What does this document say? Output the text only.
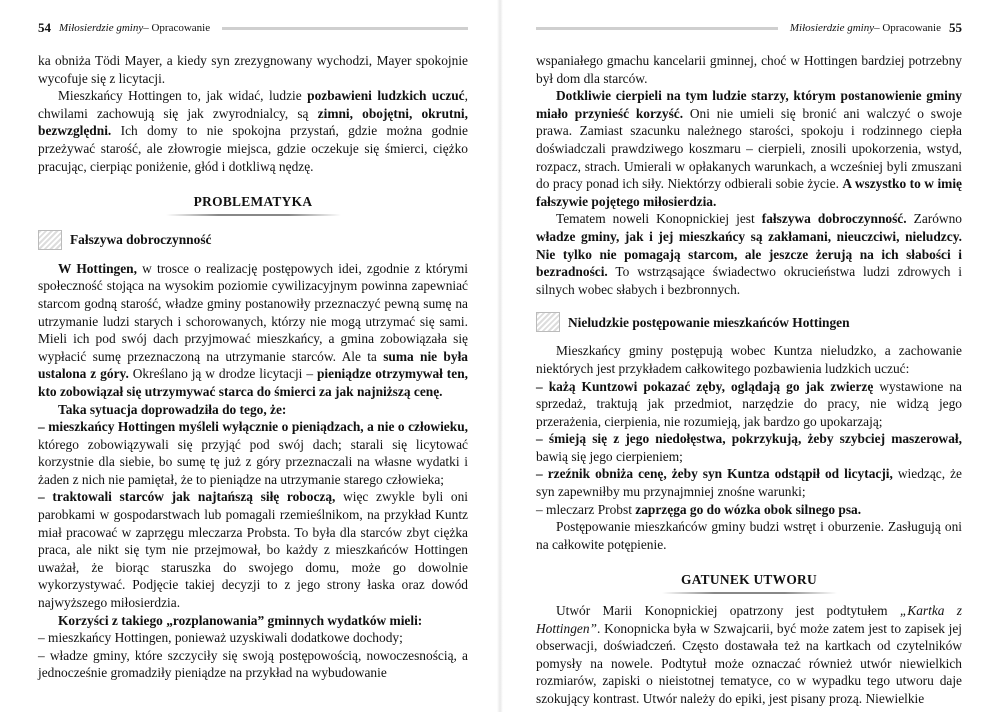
54 Miłosierdzie gminy – Opracowanie

ka obniża Tödi Mayer, a kiedy syn zrezygnowany wychodzi, Mayer spokojnie wycofuje się z licytacji.

Mieszkańcy Hottingen to, jak widać, ludzie pozbawieni ludzkich uczuć, chwilami zachowują się jak zwyrodnialcy, są zimni, obojętni, okrutni, bezwzględni. Ich domy to nie spokojna przystań, gdzie można godnie przeżywać starość, ale złowrogie miejsca, gdzie oczekuje się śmierci, ciężko pracując, cierpiąc poniżenie, głód i dotkliwą nędzę.

PROBLEMATYKA
Fałszywa dobroczynność

W Hottingen, w trosce o realizację postępowych idei, zgodnie z którymi społeczność stojąca na wysokim poziomie cywilizacyjnym powinna zapewniać starcom godną starość, władze gminy postanowiły przeznaczyć pewną sumę na utrzymanie ludzi starych i schorowanych, którzy nie mogą utrzymać się sami. Mieli ich pod swój dach przyjmować mieszkańcy, a gmina zobowiązała się wypłacić sumę przeznaczoną na utrzymanie starców. Ale ta suma nie była ustalona z góry. Określano ją w drodze licytacji – pieniądze otrzymywał ten, kto zobowiązał się utrzymywać starca do śmierci za jak najniższą cenę.

Taka sytuacja doprowadziła do tego, że:

– mieszkańcy Hottingen myśleli wyłącznie o pieniądzach, a nie o człowieku, którego zobowiązywali się przyjąć pod swój dach; starali się licytować korzystnie dla siebie, bo sumę tę już z góry przeznaczali na własne wydatki i żaden z nich nie pamiętał, że to pieniądze na utrzymanie starego człowieka;

– traktowali starców jak najtańszą siłę roboczą, więc zwykle byli oni parobkami w gospodarstwach lub pomagali rzemieślnikom, na przykład Kuntz miał pracować w zaprzęgu mleczarza Probsta. To była dla starców zbyt ciężka praca, ale nikt się tym nie przejmował, bo każdy z mieszkańców Hottingen uważał, że biorąc staruszka do swojego domu, może go dowolnie wykorzystywać. Podjęcie takiej decyzji to z jego strony łaska oraz dowód najwyższego miłosierdzia.

Korzyści z takiego „rozplanowania” gminnych wydatków mieli:

– mieszkańcy Hottingen, ponieważ uzyskiwali dodatkowe dochody;

– władze gminy, które szczyciły się swoją postępowością, nowoczesnością, a jednocześnie gromadziły pieniądze na przykład na wybudowanie

Miłosierdzie gminy – Opracowanie 55

wspaniałego gmachu kancelarii gminnej, choć w Hottingen bardziej potrzebny był dom dla starców.

Dotkliwie cierpieli na tym ludzie starzy, którym postanowienie gminy miało przynieść korzyść. Oni nie umieli się bronić ani walczyć o swoje prawa. Zamiast szacunku należnego starości, spokoju i rodzinnego ciepła doświadczali prawdziwego koszmaru – cierpieli, znosili upokorzenia, wstyd, rozpacz, strach. Umierali w opłakanych warunkach, a wcześniej byli zmuszani do pracy ponad ich siły. Niektórzy odbierali sobie życie. A wszystko to w imię fałszywie pojętego miłosierdzia.

Tematem noweli Konopnickiej jest fałszywa dobroczynność. Zarówno władze gminy, jak i jej mieszkańcy są zakłamani, nieuczciwi, nieludzcy. Nie tylko nie pomagają starcom, ale jeszcze żerują na ich słabości i bezradności. To wstrząsające świadectwo okrucieństwa ludzi zdrowych i silnych wobec słabych i bezbronnych.

Nieludzkie postępowanie mieszkańców Hottingen

Mieszkańcy gminy postępują wobec Kuntza nieludzko, a zachowanie niektórych jest przykładem całkowitego pozbawienia ludzkich uczuć:

– każą Kuntzowi pokazać zęby, oglądają go jak zwierzę wystawione na sprzedaż, traktują jak przedmiot, narzędzie do pracy, nie widzą jego przerażenia, cierpienia, nie rozumieją, jak bardzo go upokarzają;

– śmieją się z jego niedołęstwa, pokrzykują, żeby szybciej maszerował, bawią się jego cierpieniem;

– rzeźnik obniża cenę, żeby syn Kuntza odstąpił od licytacji, wiedząc, że syn zapewniłby mu przynajmniej znośne warunki;

– mleczarz Probst zaprzęga go do wózka obok silnego psa.

Postępowanie mieszkańców gminy budzi wstręt i oburzenie. Zasługują oni na całkowite potępienie.

GATUNEK UTWORU

Utwór Marii Konopnickiej opatrzony jest podtytułem „Kartka z Hottingen”. Konopnicka była w Szwajcarii, być może zatem jest to zapisek jej obserwacji, doświadczeń. Często dostawała też na kartkach od czytelników pomysły na nowele. Podtytuł może oznaczać również utwór niewielkich rozmiarów, zapiski o nieistotnej tematyce, co w wypadku tego utworu daje szokujący kontrast. Utwór należy do epiki, jest pisany prozą. Niewielkie
